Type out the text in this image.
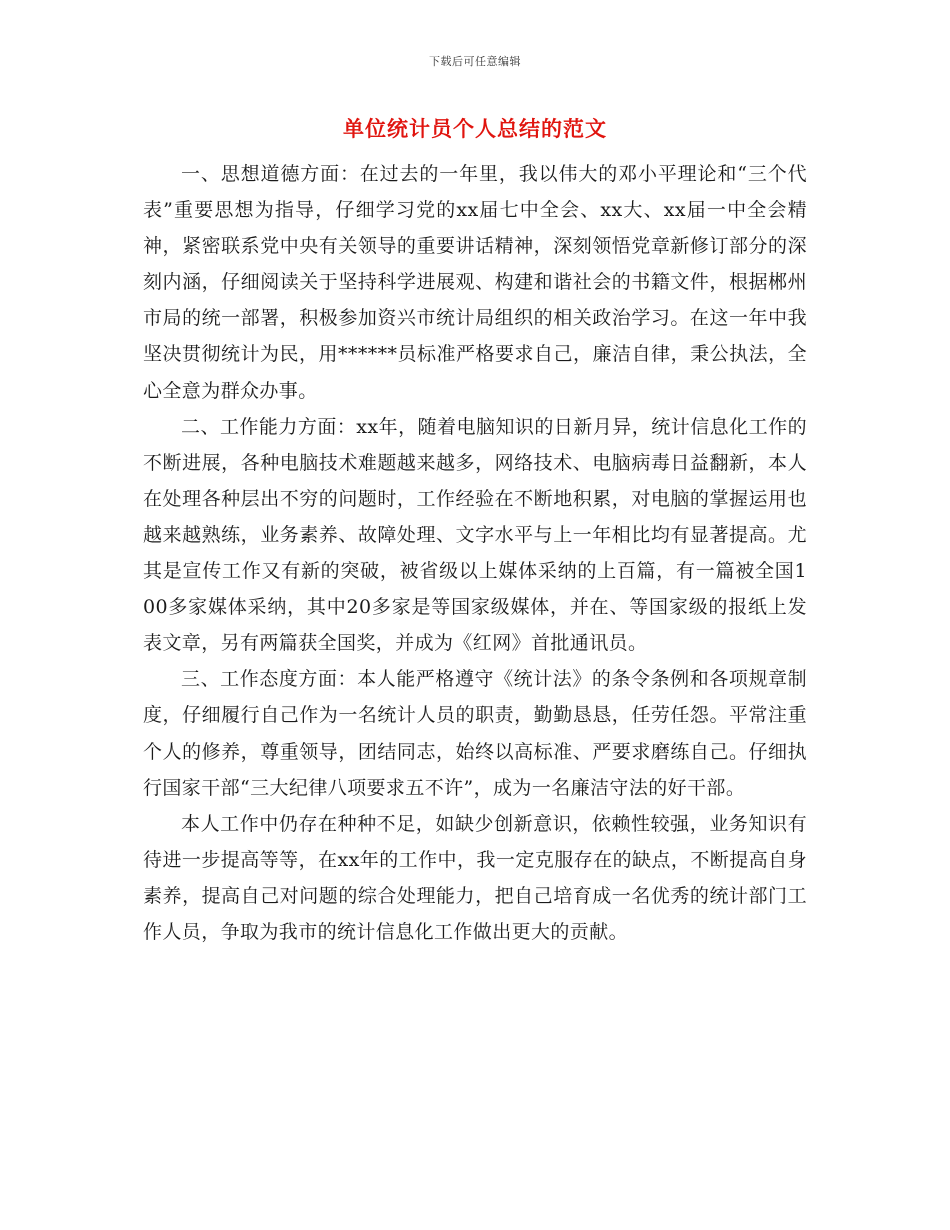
下载后可任意编辑
单位统计员个人总结的范文

一、思想道德方面：在过去的一年里，我以伟大的邓小平理论和“三个代表”重要思想为指导，仔细学习党的xx届七中全会、xx大、xx届一中全会精神，紧密联系党中央有关领导的重要讲话精神，深刻领悟党章新修订部分的深刻内涵，仔细阅读关于坚持科学进展观、构建和谐社会的书籍文件，根据郴州市局的统一部署，积极参加资兴市统计局组织的相关政治学习。在这一年中我坚决贯彻统计为民，用******员标准严格要求自己，廉洁自律，秉公执法，全心全意为群众办事。

二、工作能力方面：xx年，随着电脑知识的日新月异，统计信息化工作的不断进展，各种电脑技术难题越来越多，网络技术、电脑病毒日益翻新，本人在处理各种层出不穷的问题时，工作经验在不断地积累，对电脑的掌握运用也越来越熟练，业务素养、故障处理、文字水平与上一年相比均有显著提高。尤其是宣传工作又有新的突破，被省级以上媒体采纳的上百篇，有一篇被全国100多家媒体采纳，其中20多家是等国家级媒体，并在、等国家级的报纸上发表文章，另有两篇获全国奖，并成为《红网》首批通讯员。

三、工作态度方面：本人能严格遵守《统计法》的条令条例和各项规章制度，仔细履行自己作为一名统计人员的职责，勤勤恳恳，任劳任怨。平常注重个人的修养，尊重领导，团结同志，始终以高标准、严要求磨练自己。仔细执行国家干部“三大纪律八项要求五不许”，成为一名廉洁守法的好干部。

本人工作中仍存在种种不足，如缺少创新意识，依赖性较强，业务知识有待进一步提高等等，在xx年的工作中，我一定克服存在的缺点，不断提高自身素养，提高自己对问题的综合处理能力，把自己培育成一名优秀的统计部门工作人员，争取为我市的统计信息化工作做出更大的贡献。
